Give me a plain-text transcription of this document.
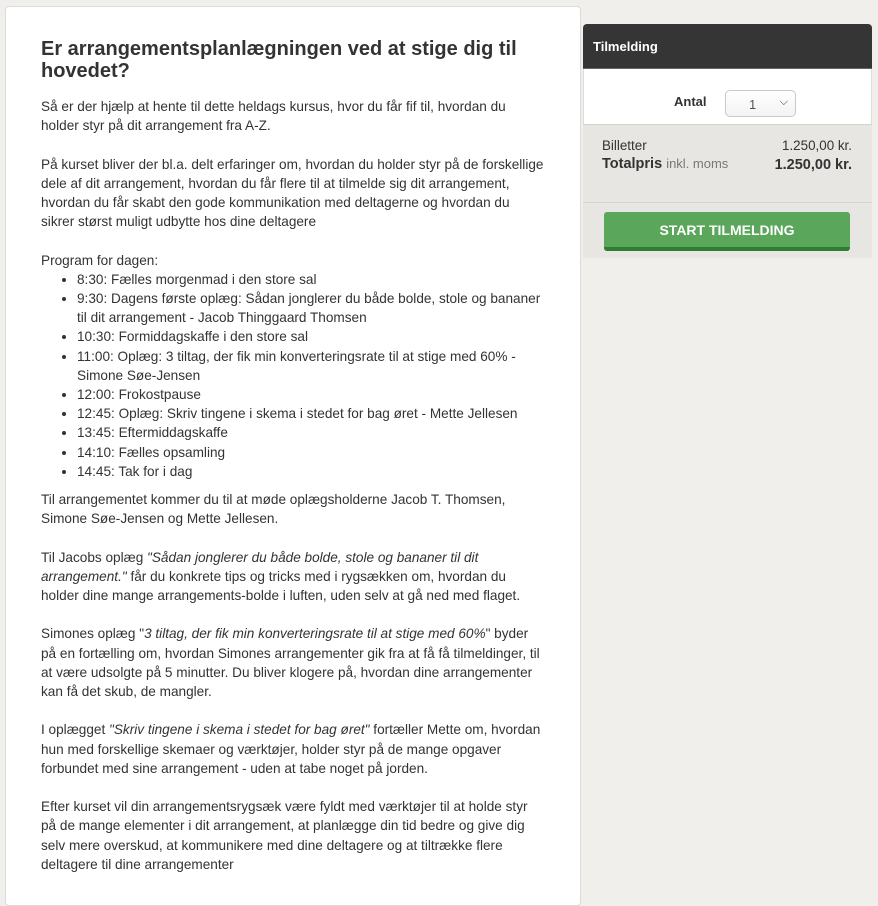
Er arrangementsplanlægningen ved at stige dig til hovedet?

Så er der hjælp at hente til dette heldags kursus, hvor du får fif til, hvordan du holder styr på dit arrangement fra A-Z.

På kurset bliver der bl.a. delt erfaringer om, hvordan du holder styr på de forskellige dele af dit arrangement, hvordan du får flere til at tilmelde sig dit arrangement, hvordan du får skabt den gode kommunikation med deltagerne og hvordan du sikrer størst muligt udbytte hos dine deltagere

Program for dagen:

• 8:30: Fælles morgenmad i den store sal
• 9:30: Dagens første oplæg: Sådan jonglerer du både bolde, stole og bananer til dit arrangement - Jacob Thinggaard Thomsen
• 10:30: Formiddagskaffe i den store sal
• 11:00: Oplæg: 3 tiltag, der fik min konverteringsrate til at stige med 60% - Simone Søe-Jensen
• 12:00: Frokostpause
• 12:45: Oplæg: Skriv tingene i skema i stedet for bag øret - Mette Jellesen
• 13:45: Eftermiddagskaffe
• 14:10: Fælles opsamling
• 14:45: Tak for i dag

Til arrangementet kommer du til at møde oplægsholderne Jacob T. Thomsen, Simone Søe-Jensen og Mette Jellesen.

Til Jacobs oplæg "Sådan jonglerer du både bolde, stole og bananer til dit arrangement." får du konkrete tips og tricks med i rygsækken om, hvordan du holder dine mange arrangements-bolde i luften, uden selv at gå ned med flaget.

Simones oplæg "3 tiltag, der fik min konverteringsrate til at stige med 60%" byder på en fortælling om, hvordan Simones arrangementer gik fra at få få tilmeldinger, til at være udsolgte på 5 minutter. Du bliver klogere på, hvordan dine arrangementer kan få det skub, de mangler.

I oplægget "Skriv tingene i skema i stedet for bag øret" fortæller Mette om, hvordan hun med forskellige skemaer og værktøjer, holder styr på de mange opgaver forbundet med sine arrangement - uden at tabe noget på jorden.

Efter kurset vil din arrangementsrygsæk være fyldt med værktøjer til at holde styr på de mange elementer i dit arrangement, at planlægge din tid bedre og give dig selv mere overskud, at kommunikere med dine deltagere og at tiltrække flere deltagere til dine arrangementer

Tilmelding
Antal	1 ⌵
Billetter	1.250,00 kr.
Totalpris inkl. moms	1.250,00 kr.
START TILMELDING
